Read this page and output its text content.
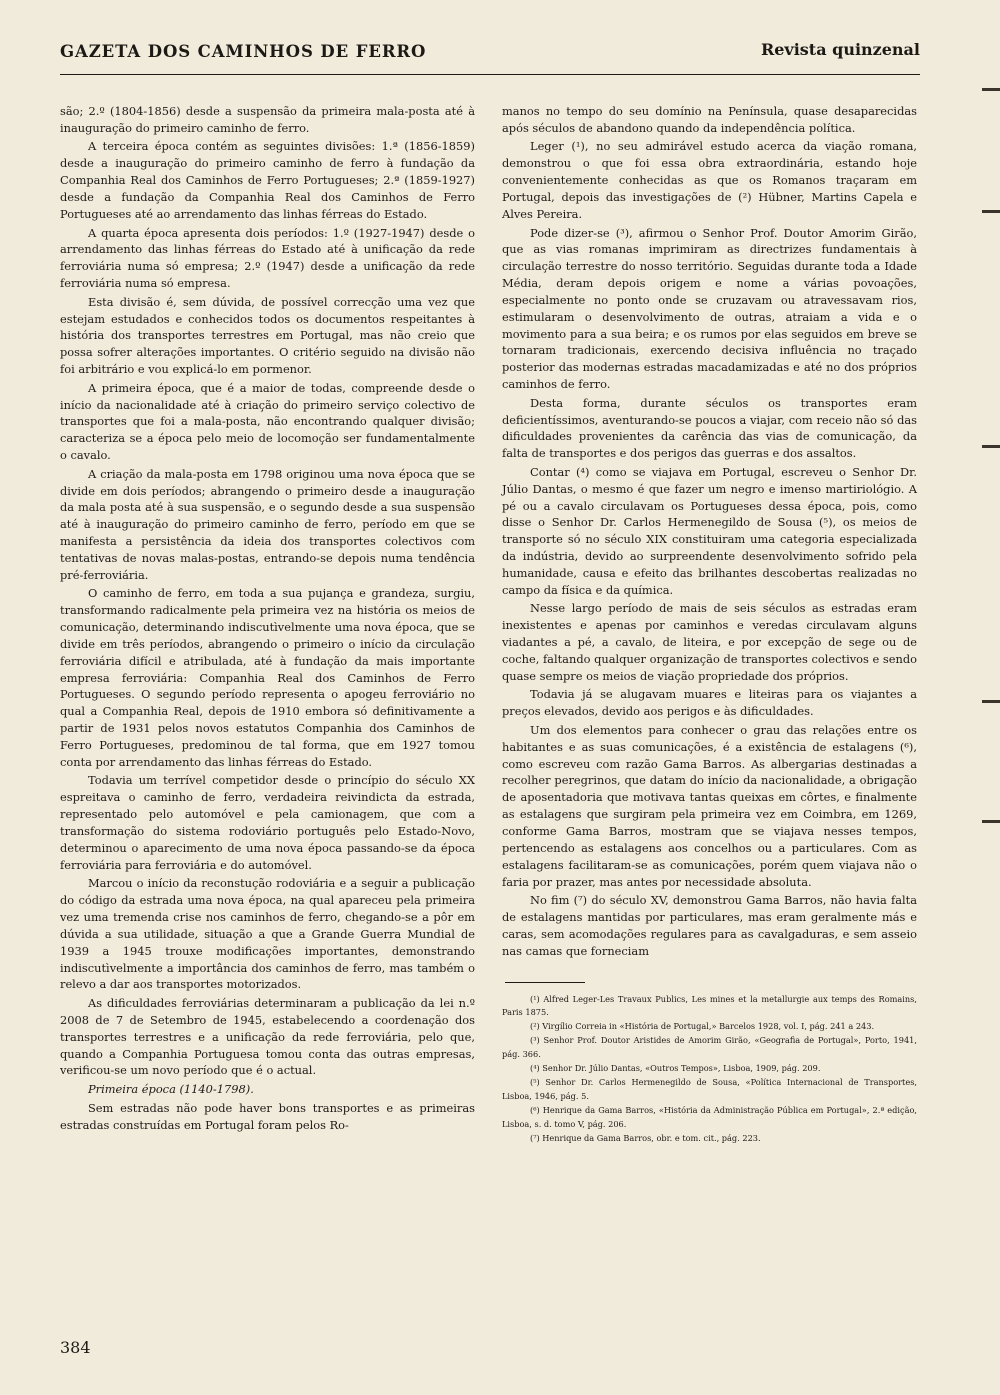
GAZETA DOS CAMINHOS DE FERRO	Revista quinzenal

são; 2.º (1804-1856) desde a suspensão da primeira mala-posta até à inauguração do primeiro caminho de ferro.

A terceira época contém as seguintes divisões: 1.ª (1856-1859) desde a inauguração do primeiro caminho de ferro à fundação da Companhia Real dos Caminhos de Ferro Portugueses; 2.ª (1859-1927) desde a fundação da Companhia Real dos Caminhos de Ferro Portugueses até ao arrendamento das linhas férreas do Estado.

A quarta época apresenta dois períodos: 1.º (1927-1947) desde o arrendamento das linhas férreas do Estado até à unificação da rede ferroviária numa só empresa; 2.º (1947) desde a unificação da rede ferroviária numa só empresa.

Esta divisão é, sem dúvida, de possível correcção uma vez que estejam estudados e conhecidos todos os documentos respeitantes à história dos transportes terrestres em Portugal, mas não creio que possa sofrer alterações importantes. O critério seguido na divisão não foi arbitrário e vou explicá-lo em pormenor.

A primeira época, que é a maior de todas, compreende desde o início da nacionalidade até à criação do primeiro serviço colectivo de transportes que foi a mala-posta, não encontrando qualquer divisão; caracteriza se a época pelo meio de locomoção ser fundamentalmente o cavalo.

A criação da mala-posta em 1798 originou uma nova época que se divide em dois períodos; abrangendo o primeiro desde a inauguração da mala posta até à sua suspensão, e o segundo desde a sua suspensão até à inauguração do primeiro caminho de ferro, período em que se manifesta a persistência da ideia dos transportes colectivos com tentativas de novas malas-postas, entrando-se depois numa tendência pré-ferroviária.

O caminho de ferro, em toda a sua pujança e grandeza, surgiu, transformando radicalmente pela primeira vez na história os meios de comunicação, determinando indiscutìvelmente uma nova época, que se divide em três períodos, abrangendo o primeiro o início da circulação ferroviária difícil e atribulada, até à fundação da mais importante empresa ferroviária: Companhia Real dos Caminhos de Ferro Portugueses. O segundo período representa o apogeu ferroviário no qual a Companhia Real, depois de 1910 embora só definitivamente a partir de 1931 pelos novos estatutos Companhia dos Caminhos de Ferro Portugueses, predominou de tal forma, que em 1927 tomou conta por arrendamento das linhas férreas do Estado.

Todavia um terrível competidor desde o princípio do século XX espreitava o caminho de ferro, verdadeira reivindicta da estrada, representado pelo automóvel e pela camionagem, que com a transformação do sistema rodoviário português pelo Estado-Novo, determinou o aparecimento de uma nova época passando-se da época ferroviária para ferroviária e do automóvel.

Marcou o início da reconstução rodoviária e a seguir a publicação do código da estrada uma nova época, na qual apareceu pela primeira vez uma tremenda crise nos caminhos de ferro, chegando-se a pôr em dúvida a sua utilidade, situação a que a Grande Guerra Mundial de 1939 a 1945 trouxe modificações importantes, demonstrando indiscutìvelmente a importância dos caminhos de ferro, mas também o relevo a dar aos transportes motorizados.

As dificuldades ferroviárias determinaram a publicação da lei n.º 2008 de 7 de Setembro de 1945, estabelecendo a coordenação dos transportes terrestres e a unificação da rede ferroviária, pelo que, quando a Companhia Portuguesa tomou conta das outras empresas, verificou-se um novo período que é o actual.

Primeira época (1140-1798).

Sem estradas não pode haver bons transportes e as primeiras estradas construídas em Portugal foram pelos Ro-

manos no tempo do seu domínio na Península, quase desaparecidas após séculos de abandono quando da independência política.

Leger (¹), no seu admirável estudo acerca da viação romana, demonstrou o que foi essa obra extraordinária, estando hoje convenientemente conhecidas as que os Romanos traçaram em Portugal, depois das investigações de (²) Hübner, Martins Capela e Alves Pereira.

Pode dizer-se (³), afirmou o Senhor Prof. Doutor Amorim Girão, que as vias romanas imprimiram as directrizes fundamentais à circulação terrestre do nosso território. Seguidas durante toda a Idade Média, deram depois origem e nome a várias povoações, especialmente no ponto onde se cruzavam ou atravessavam rios, estimularam o desenvolvimento de outras, atraiam a vida e o movimento para a sua beira; e os rumos por elas seguidos em breve se tornaram tradicionais, exercendo decisiva influência no traçado posterior das modernas estradas macadamizadas e até no dos próprios caminhos de ferro.

Desta forma, durante séculos os transportes eram deficientíssimos, aventurando-se poucos a viajar, com receio não só das dificuldades provenientes da carência das vias de comunicação, da falta de transportes e dos perigos das guerras e dos assaltos.

Contar (⁴) como se viajava em Portugal, escreveu o Senhor Dr. Júlio Dantas, o mesmo é que fazer um negro e imenso martiriológio. A pé ou a cavalo circulavam os Portugueses dessa época, pois, como disse o Senhor Dr. Carlos Hermenegildo de Sousa (⁵), os meios de transporte só no século XIX constituiram uma categoria especializada da indústria, devido ao surpreendente desenvolvimento sofrido pela humanidade, causa e efeito das brilhantes descobertas realizadas no campo da física e da química.

Nesse largo período de mais de seis séculos as estradas eram inexistentes e apenas por caminhos e veredas circulavam alguns viadantes a pé, a cavalo, de liteira, e por excepção de sege ou de coche, faltando qualquer organização de transportes colectivos e sendo quase sempre os meios de viação propriedade dos próprios.

Todavia já se alugavam muares e liteiras para os viajantes a preços elevados, devido aos perigos e às dificuldades.

Um dos elementos para conhecer o grau das relações entre os habitantes e as suas comunicações, é a existência de estalagens (⁶), como escreveu com razão Gama Barros. As albergarias destinadas a recolher peregrinos, que datam do início da nacionalidade, a obrigação de aposentadoria que motivava tantas queixas em côrtes, e finalmente as estalagens que surgiram pela primeira vez em Coimbra, em 1269, conforme Gama Barros, mostram que se viajava nesses tempos, pertencendo as estalagens aos concelhos ou a particulares. Com as estalagens facilitaram-se as comunicações, porém quem viajava não o faria por prazer, mas antes por necessidade absoluta.

No fim (⁷) do século XV, demonstrou Gama Barros, não havia falta de estalagens mantidas por particulares, mas eram geralmente más e caras, sem acomodações regulares para as cavalgaduras, e sem asseio nas camas que forneciam

(¹) Alfred Leger-Les Travaux Publics, Les mines et la metallurgie aux temps des Romains, Paris 1875.
(²) Virgílio Correia in «História de Portugal,» Barcelos 1928, vol. I, pág. 241 a 243.
(³) Senhor Prof. Doutor Aristides de Amorim Girão, «Geografia de Portugal», Porto, 1941, pág. 366.
(⁴) Senhor Dr. Júlio Dantas, «Outros Tempos», Lisboa, 1909, pág. 209.
(⁵) Senhor Dr. Carlos Hermenegildo de Sousa, «Política Internacional de Transportes, Lisboa, 1946, pág. 5.
(⁶) Henrique da Gama Barros, «História da Administração Pública em Portugal», 2.ª edição, Lisboa, s. d. tomo V, pág. 206.
(⁷) Henrique da Gama Barros, obr. e tom. cit., pág. 223.
384
